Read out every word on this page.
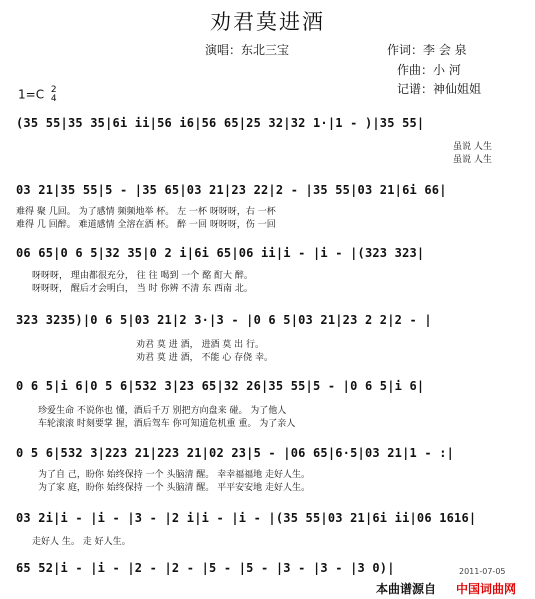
劝君莫进酒
演唱：东北三宝	作词：李 会 泉
作曲：小 河
记谱：神仙姐姐
1=C 2
4
(35 55|35 35|6i ii|56 i6|56 65|25 32|32 1·|1 - )|35 55|
虽说 人生
虽说 人生
03 21|35 55|5 - |35 65|03 21|23 22|2 - |35 55|03 21|6i 66|
难得 聚 几回。 为了感情 频频地举 杯。 左 一杯 呀呀呀，右 一杯
难得 几 回醉。 难道感情 全溶在酒 杯。 醉 一回 呀呀呀，伤 一回
06 65|0 6 5|32 35|0 2 i|6i 65|06 ii|i - |i - |(323 323|
呀呀呀， 理由都很充分， 往 往 喝到 一个 酩 酊大 醉。
呀呀呀， 醒后才会明白， 当 时 你辨 不清 东 西南 北。
323 3235)|0 6 5|03 21|2 3·|3 - |0 6 5|03 21|23 2 2|2 - |
劝君 莫 进 酒， 进酒 莫 出 行。
劝君 莫 进 酒， 不能 心 存侥 幸。
0 6 5|i 6|0 5 6|532 3|23 65|32 26|35 55|5 - |0 6 5|i 6|
珍爱生命 不说你也 懂，酒后千万 别把方向盘来 碰。 为了他人
车轮滚滚 时刻要掌 握，酒后驾车 你可知道危机重 重。 为了亲人
0 5 6|532 3|223 21|223 21|02 23|5 - |06 65|6·5|03 21|1 - :|
为了自 己，盼你 始终保持 一个 头脑清 醒。 幸幸福福地 走好人生。
为了家 庭，盼你 始终保持 一个 头脑清 醒。 平平安安地 走好人生。
03 2i|i - |i - |3 - |2 i|i - |i - |(35 55|03 21|6i ii|06 1616|
走好人 生。 走 好人生。
65 52|i - |i - |2 - |2 - |5 - |5 - |3 - |3 - |3 0)|	2011-07-05
本曲谱源自 中国词曲网
